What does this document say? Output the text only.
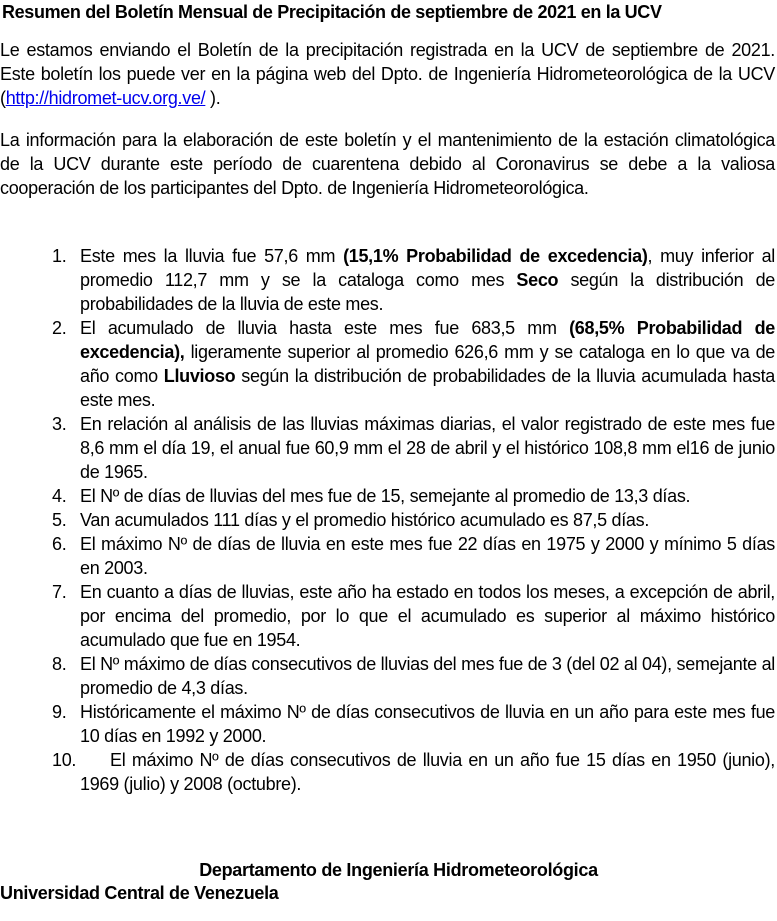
Resumen del Boletín Mensual de Precipitación de septiembre de 2021 en la UCV
Le estamos enviando el Boletín de la precipitación registrada en la UCV de septiembre de 2021. Este boletín los puede ver en la página web del Dpto. de Ingeniería Hidrometeorológica de la UCV (http://hidromet-ucv.org.ve/ ).
La información para la elaboración de este boletín y el mantenimiento de la estación climatológica de la UCV durante este período de cuarentena debido al Coronavirus se debe a la valiosa cooperación de los participantes del Dpto. de Ingeniería Hidrometeorológica.
1. Este mes la lluvia fue 57,6 mm (15,1% Probabilidad de excedencia), muy inferior al promedio 112,7 mm y se la cataloga como mes Seco según la distribución de probabilidades de la lluvia de este mes.
2. El acumulado de lluvia hasta este mes fue 683,5 mm (68,5% Probabilidad de excedencia), ligeramente superior al promedio 626,6 mm y se cataloga en lo que va de año como Lluvioso según la distribución de probabilidades de la lluvia acumulada hasta este mes.
3. En relación al análisis de las lluvias máximas diarias, el valor registrado de este mes fue 8,6 mm el día 19, el anual fue 60,9 mm el 28 de abril y el histórico 108,8 mm el16 de junio de 1965.
4. El Nº de días de lluvias del mes fue de 15, semejante al promedio de 13,3 días.
5. Van acumulados 111 días y el promedio histórico acumulado es 87,5 días.
6. El máximo Nº de días de lluvia en este mes fue 22 días en 1975 y 2000 y mínimo 5 días en 2003.
7. En cuanto a días de lluvias, este año ha estado en todos los meses, a excepción de abril, por encima del promedio, por lo que el acumulado es superior al máximo histórico acumulado que fue en 1954.
8. El Nº máximo de días consecutivos de lluvias del mes fue de 3 (del 02 al 04), semejante al promedio de 4,3 días.
9. Históricamente el máximo Nº de días consecutivos de lluvia en un año para este mes fue 10 días en 1992 y 2000.
10. El máximo Nº de días consecutivos de lluvia en un año fue 15 días en 1950 (junio), 1969 (julio) y 2008 (octubre).
Departamento de Ingeniería Hidrometeorológica
Universidad Central de Venezuela
